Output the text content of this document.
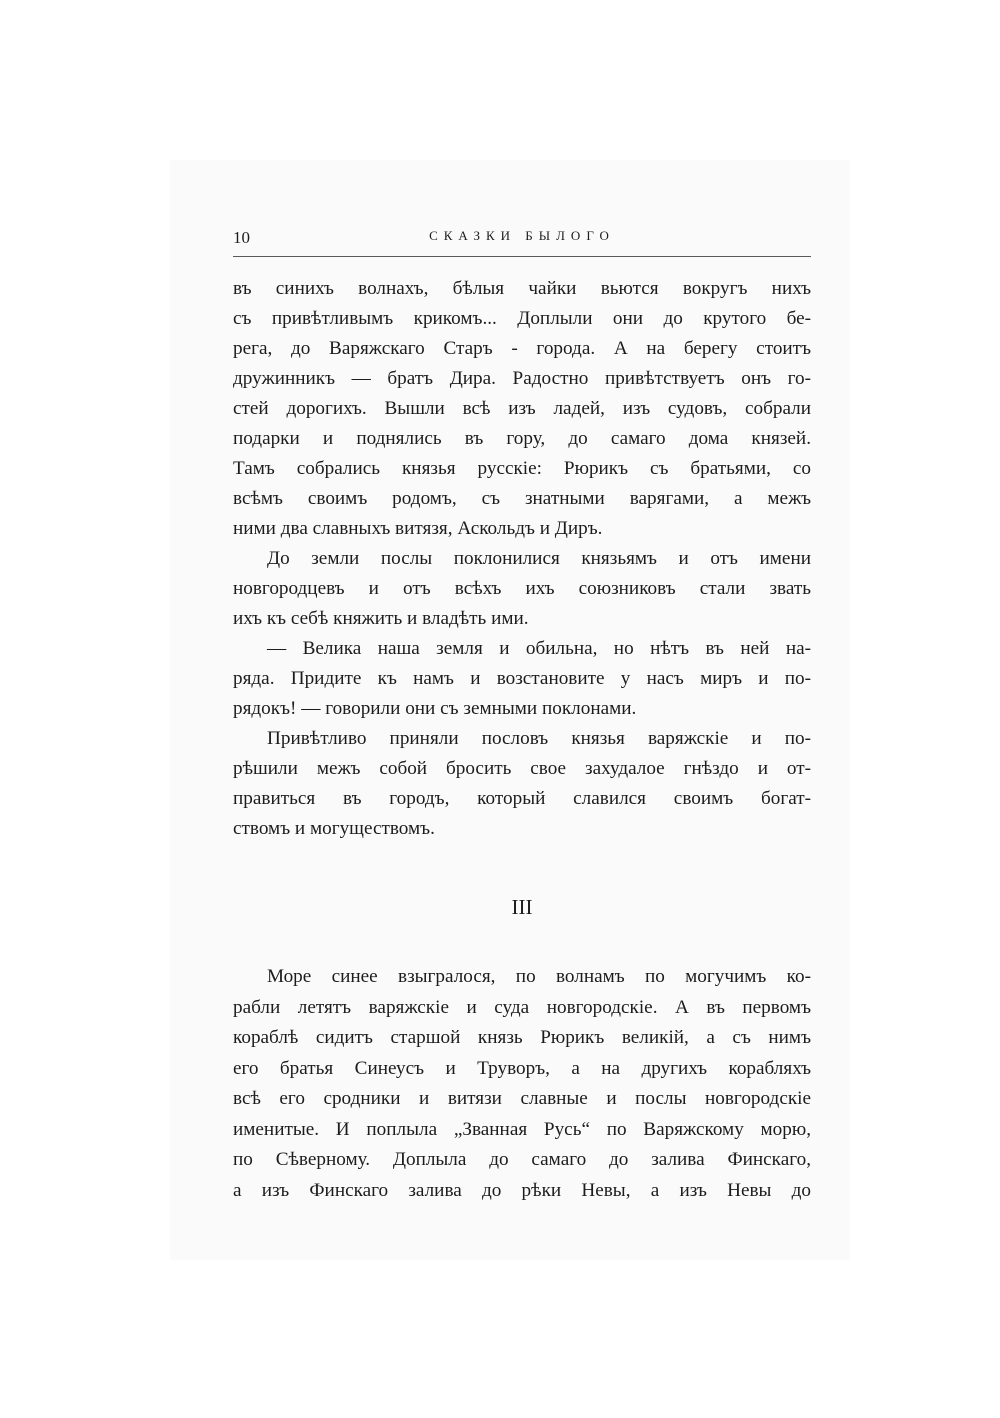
10	СКАЗКИ БЫЛОГО
въ синихъ волнахъ, бѣлыя чайки вьются вокругъ нихъ
съ привѣтливымъ крикомъ... Доплыли они до крутого бе-
рега, до Варяжскаго Старъ - города. А на берегу стоитъ
дружинникъ — братъ Дира. Радостно привѣтствуетъ онъ го-
стей дорогихъ. Вышли всѣ изъ ладей, изъ судовъ, собрали
подарки и поднялись въ гору, до самаго дома князей.
Тамъ собрались князья русскіе: Рюрикъ съ братьями, со
всѣмъ своимъ родомъ, съ знатными варягами, а межъ
ними два славныхъ витязя, Аскольдъ и Диръ.
До земли послы поклонилися князьямъ и отъ имени
новгородцевъ и отъ всѣхъ ихъ союзниковъ стали звать
ихъ къ себѣ княжить и владѣть ими.
— Велика наша земля и обильна, но нѣтъ въ ней на-
ряда. Придите къ намъ и возстановите у насъ миръ и по-
рядокъ! — говорили они съ земными поклонами.
Привѣтливо приняли пословъ князья варяжскіе и по-
рѣшили межъ собой бросить свое захудалое гнѣздо и от-
правиться въ городъ, который славился своимъ богат-
ствомъ и могуществомъ.
III
Море синее взыгралося, по волнамъ по могучимъ ко-
рабли летятъ варяжскіе и суда новгородскіе. А въ первомъ
кораблѣ сидитъ старшой князь Рюрикъ великій, а съ нимъ
его братья Синеусъ и Труворъ, а на другихъ корабляхъ
всѣ его сродники и витязи славные и послы новгородскіе
именитые. И поплыла „Званная Русь“ по Варяжскому морю,
по Сѣверному. Доплыла до самаго до залива Финскаго,
а изъ Финскаго залива до рѣки Невы, а изъ Невы до
